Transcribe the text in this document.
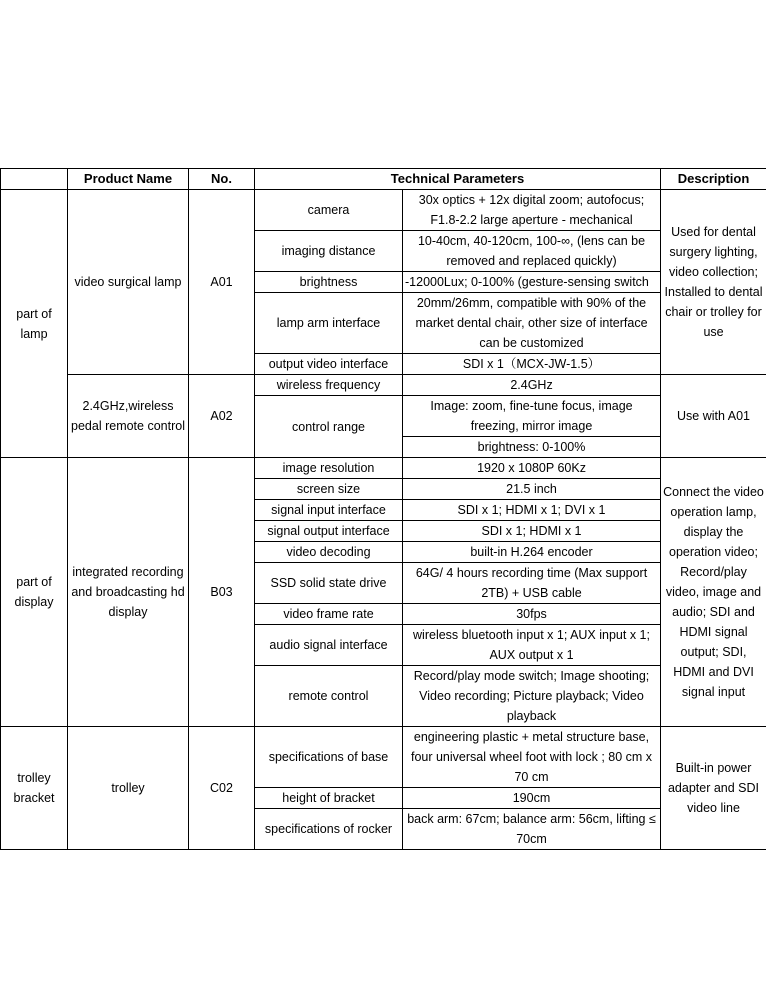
	Product Name	No.	Technical Parameters		Description
part of lamp	video surgical lamp	A01	camera	30x optics + 12x digital zoom; autofocus; F1.8-2.2 large aperture - mechanical	Used for dental surgery lighting, video collection; Installed to dental chair or trolley for use
			imaging distance	10-40cm, 40-120cm, 100-∞, (lens can be removed and replaced quickly)	
			brightness	-12000Lux; 0-100% (gesture-sensing switch	
			lamp arm interface	20mm/26mm, compatible with 90% of the market dental chair, other size of interface can be customized	
			output video interface	SDI x 1（MCX-JW-1.5）	
	2.4GHz,wireless pedal remote control	A02	wireless frequency	2.4GHz	Use with A01
			control range	Image: zoom, fine-tune focus, image freezing, mirror image	
				brightness: 0-100%	
part of display	integrated recording and broadcasting hd display	B03	image resolution	1920 x 1080P 60Kz	Connect the video operation lamp, display the operation video; Record/play video, image and audio; SDI and HDMI signal output; SDI, HDMI and DVI signal input
			screen size	21.5 inch	
			signal input interface	SDI x 1; HDMI x 1; DVI x 1	
			signal output interface	SDI x 1; HDMI x 1	
			video decoding	built-in H.264 encoder	
			SSD solid state drive	64G/ 4 hours recording time (Max support 2TB) + USB cable	
			video frame rate	30fps	
			audio signal interface	wireless bluetooth input x 1; AUX input x 1; AUX output x 1	
			remote control	Record/play mode switch; Image shooting; Video recording; Picture playback; Video playback	
trolley bracket	trolley	C02	specifications of base	engineering plastic + metal structure base, four universal wheel foot with lock ; 80 cm x 70 cm	Built-in power adapter and SDI video line
			height of bracket	190cm	
			specifications of rocker	back arm: 67cm; balance arm: 56cm, lifting ≤ 70cm	
